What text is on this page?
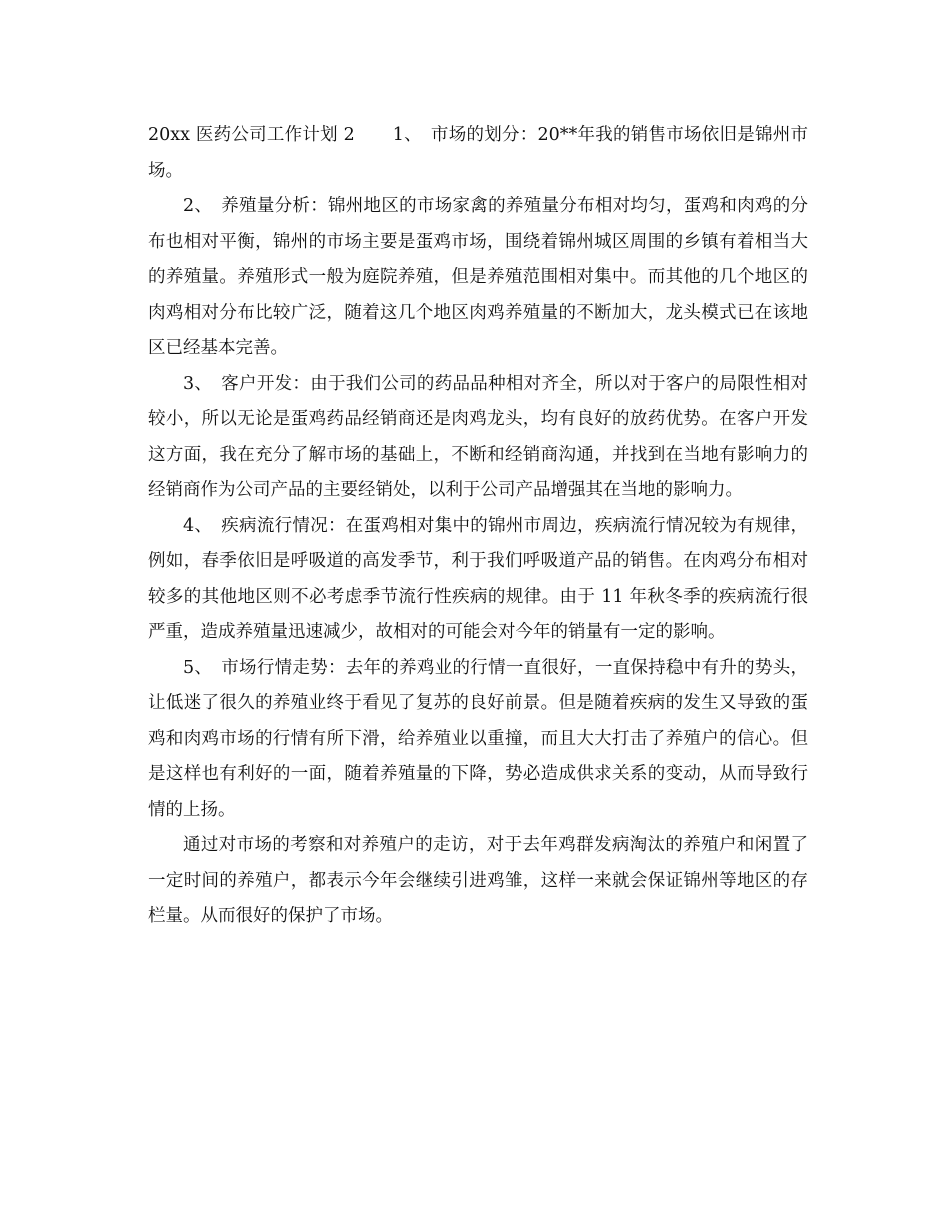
20xx 医药公司工作计划 2 1、　市场的划分：20**年我的销售市场依旧是锦州市场。

2、　养殖量分析：锦州地区的市场家禽的养殖量分布相对均匀，蛋鸡和肉鸡的分布也相对平衡，锦州的市场主要是蛋鸡市场，围绕着锦州城区周围的乡镇有着相当大的养殖量。养殖形式一般为庭院养殖，但是养殖范围相对集中。而其他的几个地区的肉鸡相对分布比较广泛，随着这几个地区肉鸡养殖量的不断加大，龙头模式已在该地区已经基本完善。

3、　客户开发：由于我们公司的药品品种相对齐全，所以对于客户的局限性相对较小，所以无论是蛋鸡药品经销商还是肉鸡龙头，均有良好的放药优势。在客户开发这方面，我在充分了解市场的基础上，不断和经销商沟通，并找到在当地有影响力的经销商作为公司产品的主要经销处，以利于公司产品增强其在当地的影响力。

4、　疾病流行情况：在蛋鸡相对集中的锦州市周边，疾病流行情况较为有规律，例如，春季依旧是呼吸道的高发季节，利于我们呼吸道产品的销售。在肉鸡分布相对较多的其他地区则不必考虑季节流行性疾病的规律。由于 11 年秋冬季的疾病流行很严重，造成养殖量迅速减少，故相对的可能会对今年的销量有一定的影响。

5、　市场行情走势：去年的养鸡业的行情一直很好，一直保持稳中有升的势头，让低迷了很久的养殖业终于看见了复苏的良好前景。但是随着疾病的发生又导致的蛋鸡和肉鸡市场的行情有所下滑，给养殖业以重撞，而且大大打击了养殖户的信心。但是这样也有利好的一面，随着养殖量的下降，势必造成供求关系的变动，从而导致行情的上扬。

通过对市场的考察和对养殖户的走访，对于去年鸡群发病淘汰的养殖户和闲置了一定时间的养殖户，都表示今年会继续引进鸡雏，这样一来就会保证锦州等地区的存栏量。从而很好的保护了市场。
